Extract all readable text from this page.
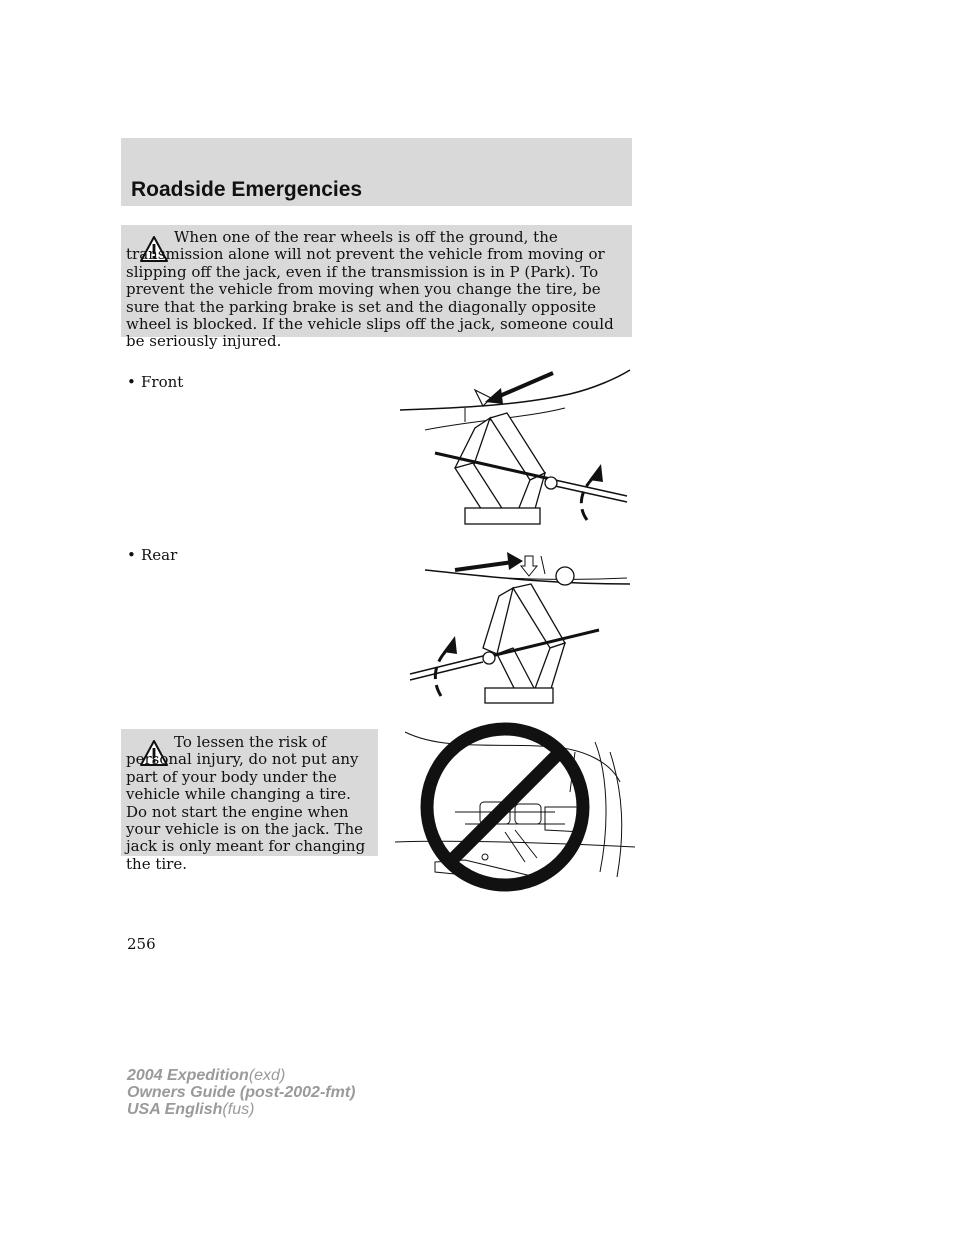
Roadside Emergencies

When one of the rear wheels is off the ground, the transmission alone will not prevent the vehicle from moving or slipping off the jack, even if the transmission is in P (Park). To prevent the vehicle from moving when you change the tire, be sure that the parking brake is set and the diagonally opposite wheel is blocked. If the vehicle slips off the jack, someone could be seriously injured.

• Front
• Rear

To lessen the risk of personal injury, do not put any part of your body under the vehicle while changing a tire. Do not start the engine when your vehicle is on the jack. The jack is only meant for changing the tire.

256
2004 Expedition(exd)
Owners Guide (post-2002-fmt)
USA English(fus)
